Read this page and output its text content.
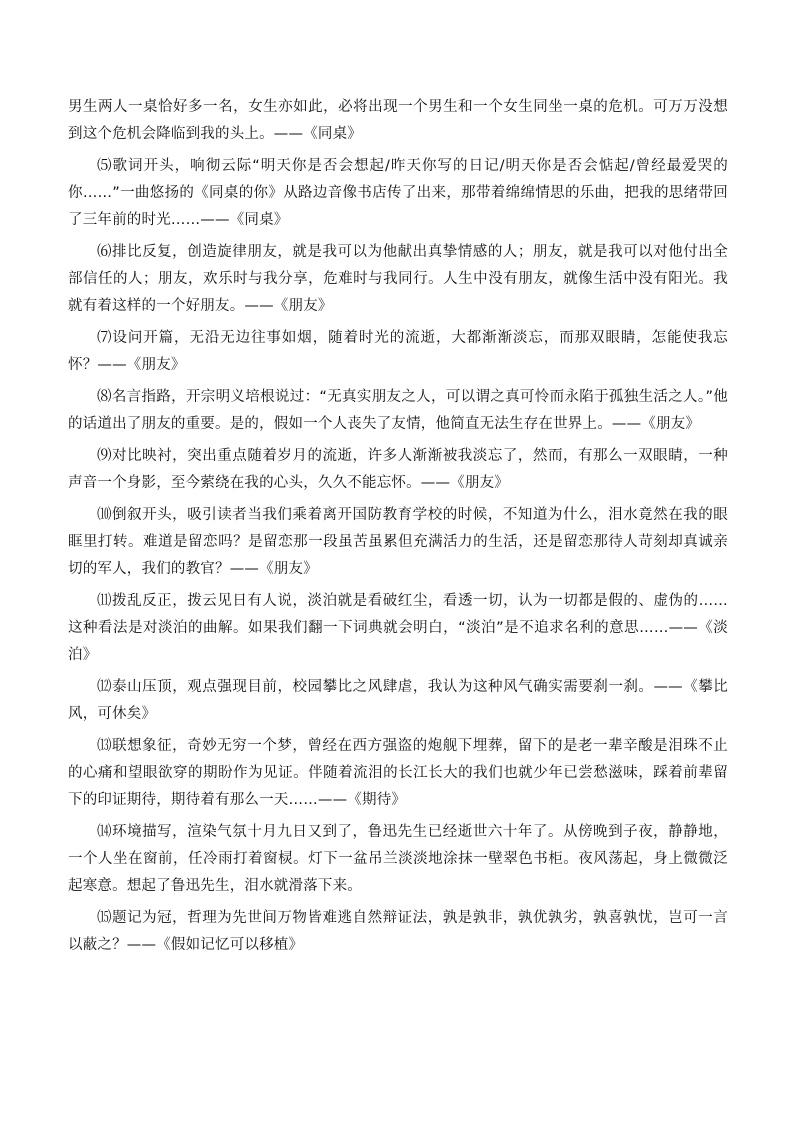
男生两人一桌恰好多一名，女生亦如此，必将出现一个男生和一个女生同坐一桌的危机。可万万没想到这个危机会降临到我的头上。——《同桌》

⑸歌词开头，响彻云际“明天你是否会想起/昨天你写的日记/明天你是否会惦起/曾经最爱哭的你……”一曲悠扬的《同桌的你》从路边音像书店传了出来，那带着绵绵情思的乐曲，把我的思绪带回了三年前的时光……——《同桌》

⑹排比反复，创造旋律朋友，就是我可以为他献出真挚情感的人；朋友，就是我可以对他付出全部信任的人；朋友，欢乐时与我分享，危难时与我同行。人生中没有朋友，就像生活中没有阳光。我就有着这样的一个好朋友。——《朋友》

⑺设问开篇，无沿无边往事如烟，随着时光的流逝，大都渐渐淡忘，而那双眼睛，怎能使我忘怀？——《朋友》

⑻名言指路，开宗明义培根说过：“无真实朋友之人，可以谓之真可怜而永陷于孤独生活之人。”他的话道出了朋友的重要。是的，假如一个人丧失了友情，他简直无法生存在世界上。——《朋友》

⑼对比映衬，突出重点随着岁月的流逝，许多人渐渐被我淡忘了，然而，有那么一双眼睛，一种声音一个身影，至今萦绕在我的心头，久久不能忘怀。——《朋友》

⑽倒叙开头，吸引读者当我们乘着离开国防教育学校的时候，不知道为什么，泪水竟然在我的眼眶里打转。难道是留恋吗？是留恋那一段虽苦虽累但充满活力的生活，还是留恋那待人苛刻却真诚亲切的军人，我们的教官？——《朋友》

⑾拨乱反正，拨云见日有人说，淡泊就是看破红尘，看透一切，认为一切都是假的、虚伪的……这种看法是对淡泊的曲解。如果我们翻一下词典就会明白，“淡泊”是不追求名利的意思……——《淡泊》

⑿泰山压顶，观点强现目前，校园攀比之风肆虐，我认为这种风气确实需要刹一刹。——《攀比风，可休矣》

⒀联想象征，奇妙无穷一个梦，曾经在西方强盗的炮舰下埋葬，留下的是老一辈辛酸是泪珠不止的心痛和望眼欲穿的期盼作为见证。伴随着流泪的长江长大的我们也就少年已尝愁滋味，踩着前辈留下的印证期待，期待着有那么一天……——《期待》

⒁环境描写，渲染气氛十月九日又到了，鲁迅先生已经逝世六十年了。从傍晚到子夜，静静地，一个人坐在窗前，任冷雨打着窗棂。灯下一盆吊兰淡淡地涂抹一壁翠色书柜。夜风荡起，身上微微泛起寒意。想起了鲁迅先生，泪水就滑落下来。

⒂题记为冠，哲理为先世间万物皆难逃自然辩证法，孰是孰非，孰优孰劣，孰喜孰忧，岂可一言以蔽之？——《假如记忆可以移植》
